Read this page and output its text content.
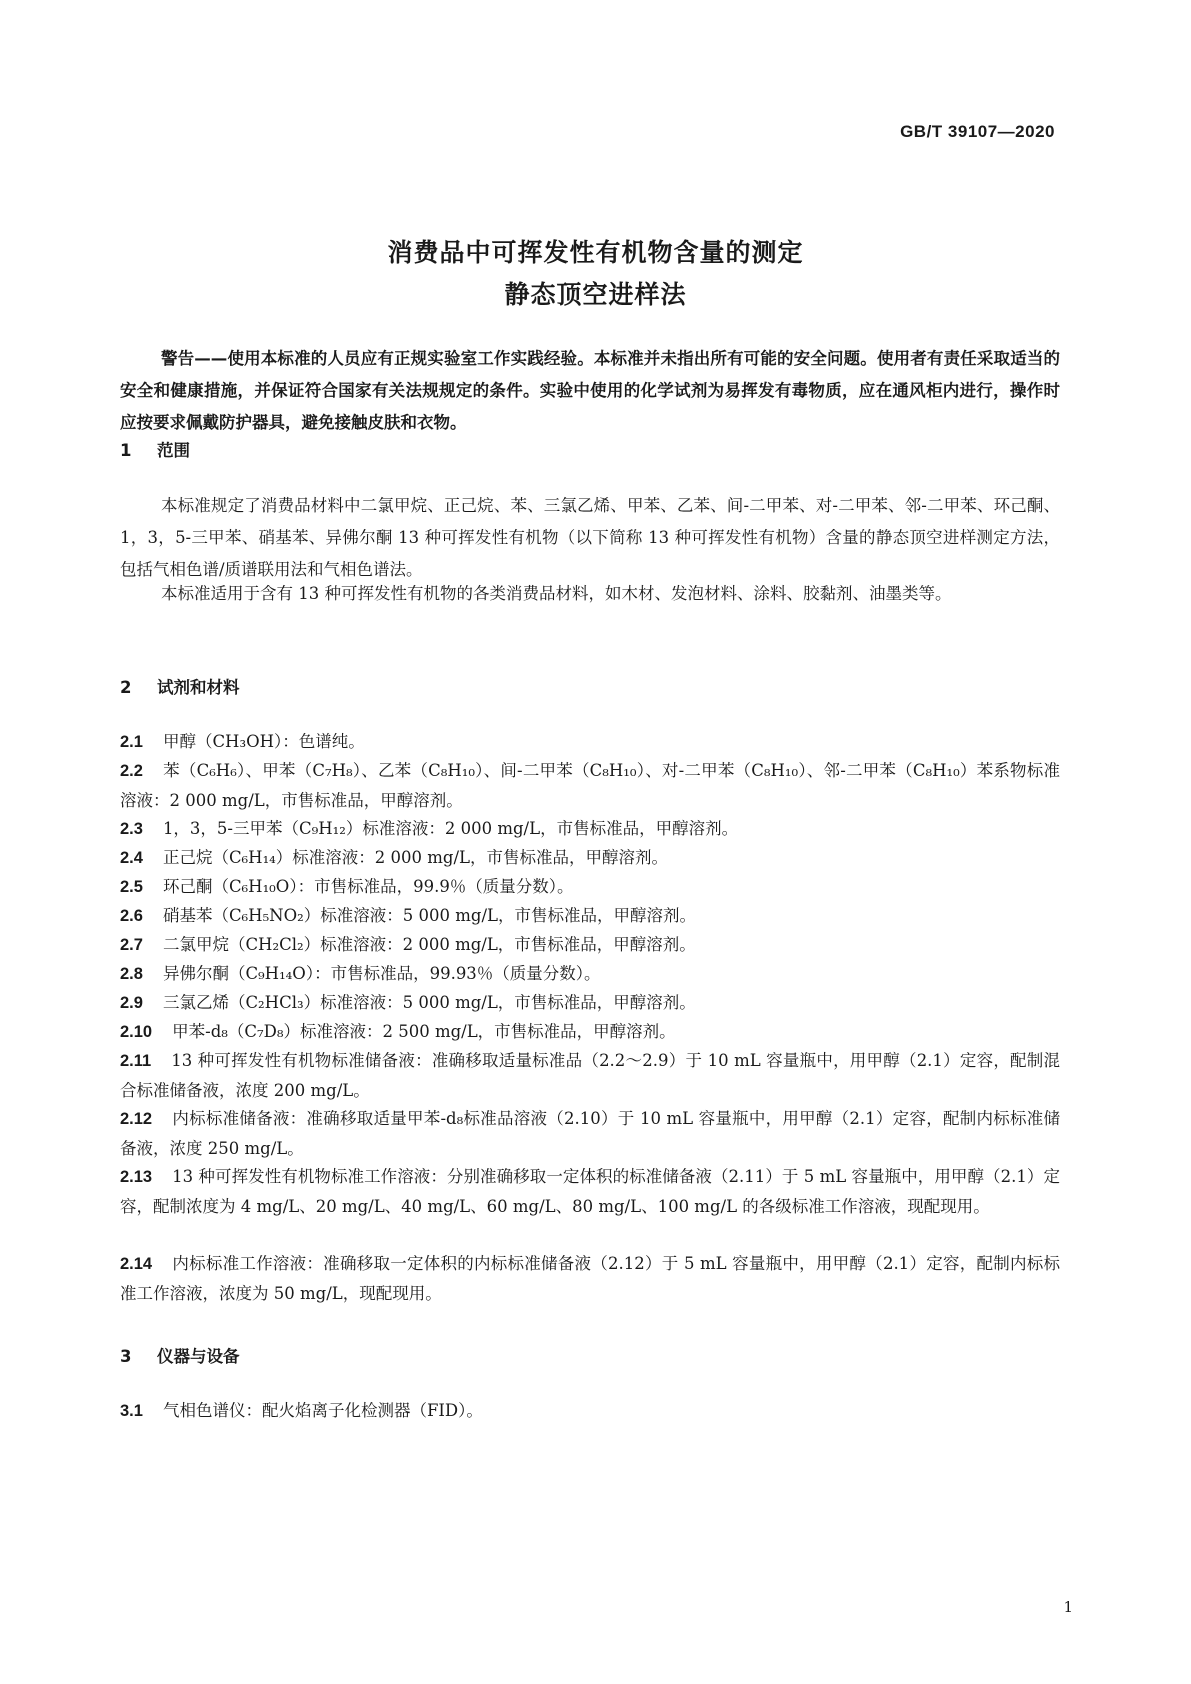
GB/T 39107—2020
消费品中可挥发性有机物含量的测定
静态顶空进样法
警告——使用本标准的人员应有正规实验室工作实践经验。本标准并未指出所有可能的安全问题。使用者有责任采取适当的安全和健康措施，并保证符合国家有关法规规定的条件。实验中使用的化学试剂为易挥发有毒物质，应在通风柜内进行，操作时应按要求佩戴防护器具，避免接触皮肤和衣物。
1 范围
本标准规定了消费品材料中二氯甲烷、正己烷、苯、三氯乙烯、甲苯、乙苯、间-二甲苯、对-二甲苯、邻-二甲苯、环己酮、1，3，5-三甲苯、硝基苯、异佛尔酮 13 种可挥发性有机物（以下简称 13 种可挥发性有机物）含量的静态顶空进样测定方法，包括气相色谱/质谱联用法和气相色谱法。
本标准适用于含有 13 种可挥发性有机物的各类消费品材料，如木材、发泡材料、涂料、胶黏剂、油墨类等。
2 试剂和材料
2.1 甲醇（CH₃OH）：色谱纯。
2.2 苯（C₆H₆）、甲苯（C₇H₈）、乙苯（C₈H₁₀）、间-二甲苯（C₈H₁₀）、对-二甲苯（C₈H₁₀）、邻-二甲苯（C₈H₁₀）苯系物标准溶液：2 000 mg/L，市售标准品，甲醇溶剂。
2.3 1，3，5-三甲苯（C₉H₁₂）标准溶液：2 000 mg/L，市售标准品，甲醇溶剂。
2.4 正己烷（C₆H₁₄）标准溶液：2 000 mg/L，市售标准品，甲醇溶剂。
2.5 环己酮（C₆H₁₀O）：市售标准品，99.9％（质量分数）。
2.6 硝基苯（C₆H₅NO₂）标准溶液：5 000 mg/L，市售标准品，甲醇溶剂。
2.7 二氯甲烷（CH₂Cl₂）标准溶液：2 000 mg/L，市售标准品，甲醇溶剂。
2.8 异佛尔酮（C₉H₁₄O）：市售标准品，99.93％（质量分数）。
2.9 三氯乙烯（C₂HCl₃）标准溶液：5 000 mg/L，市售标准品，甲醇溶剂。
2.10 甲苯-d₈（C₇D₈）标准溶液：2 500 mg/L，市售标准品，甲醇溶剂。
2.11 13 种可挥发性有机物标准储备液：准确移取适量标准品（2.2～2.9）于 10 mL 容量瓶中，用甲醇（2.1）定容，配制混合标准储备液，浓度 200 mg/L。
2.12 内标标准储备液：准确移取适量甲苯-d₈标准品溶液（2.10）于 10 mL 容量瓶中，用甲醇（2.1）定容，配制内标标准储备液，浓度 250 mg/L。
2.13 13 种可挥发性有机物标准工作溶液：分别准确移取一定体积的标准储备液（2.11）于 5 mL 容量瓶中，用甲醇（2.1）定容，配制浓度为 4 mg/L、20 mg/L、40 mg/L、60 mg/L、80 mg/L、100 mg/L 的各级标准工作溶液，现配现用。
2.14 内标标准工作溶液：准确移取一定体积的内标标准储备液（2.12）于 5 mL 容量瓶中，用甲醇（2.1）定容，配制内标标准工作溶液，浓度为 50 mg/L，现配现用。
3 仪器与设备
3.1 气相色谱仪：配火焰离子化检测器（FID）。
1
